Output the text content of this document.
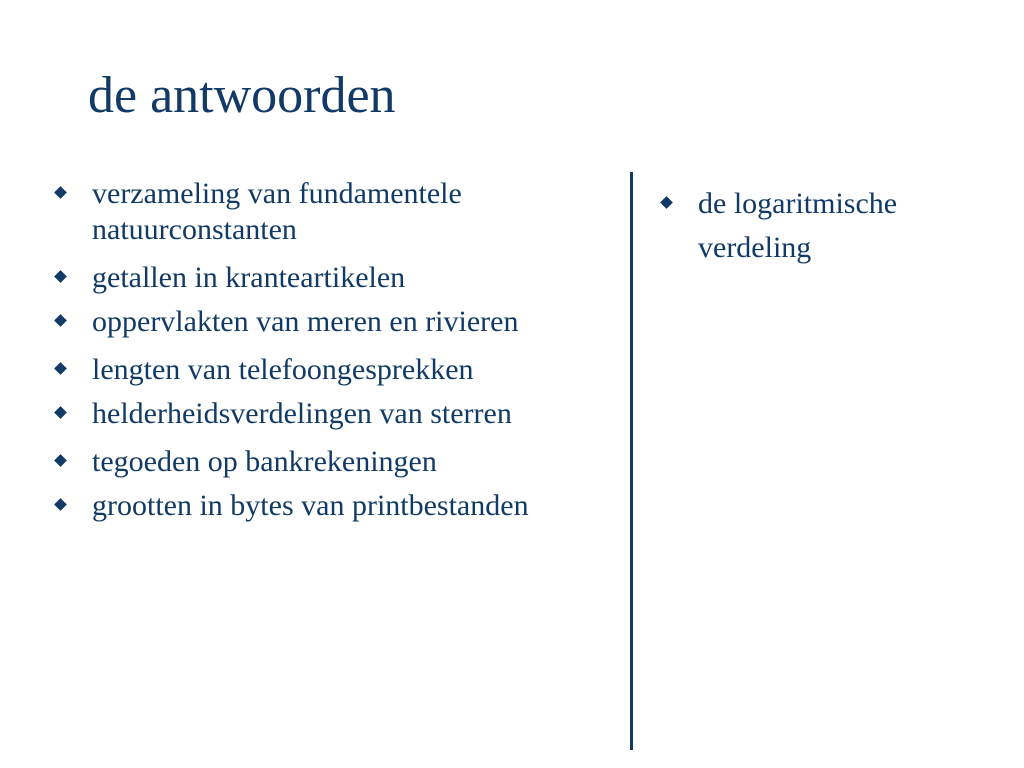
de antwoorden
verzameling van fundamentele natuurconstanten
getallen in kranteartikelen
oppervlakten van meren en rivieren
lengten van telefoongesprekken
helderheidsverdelingen van sterren
tegoeden op bankrekeningen
grootten in bytes van printbestanden
de logaritmische verdeling
